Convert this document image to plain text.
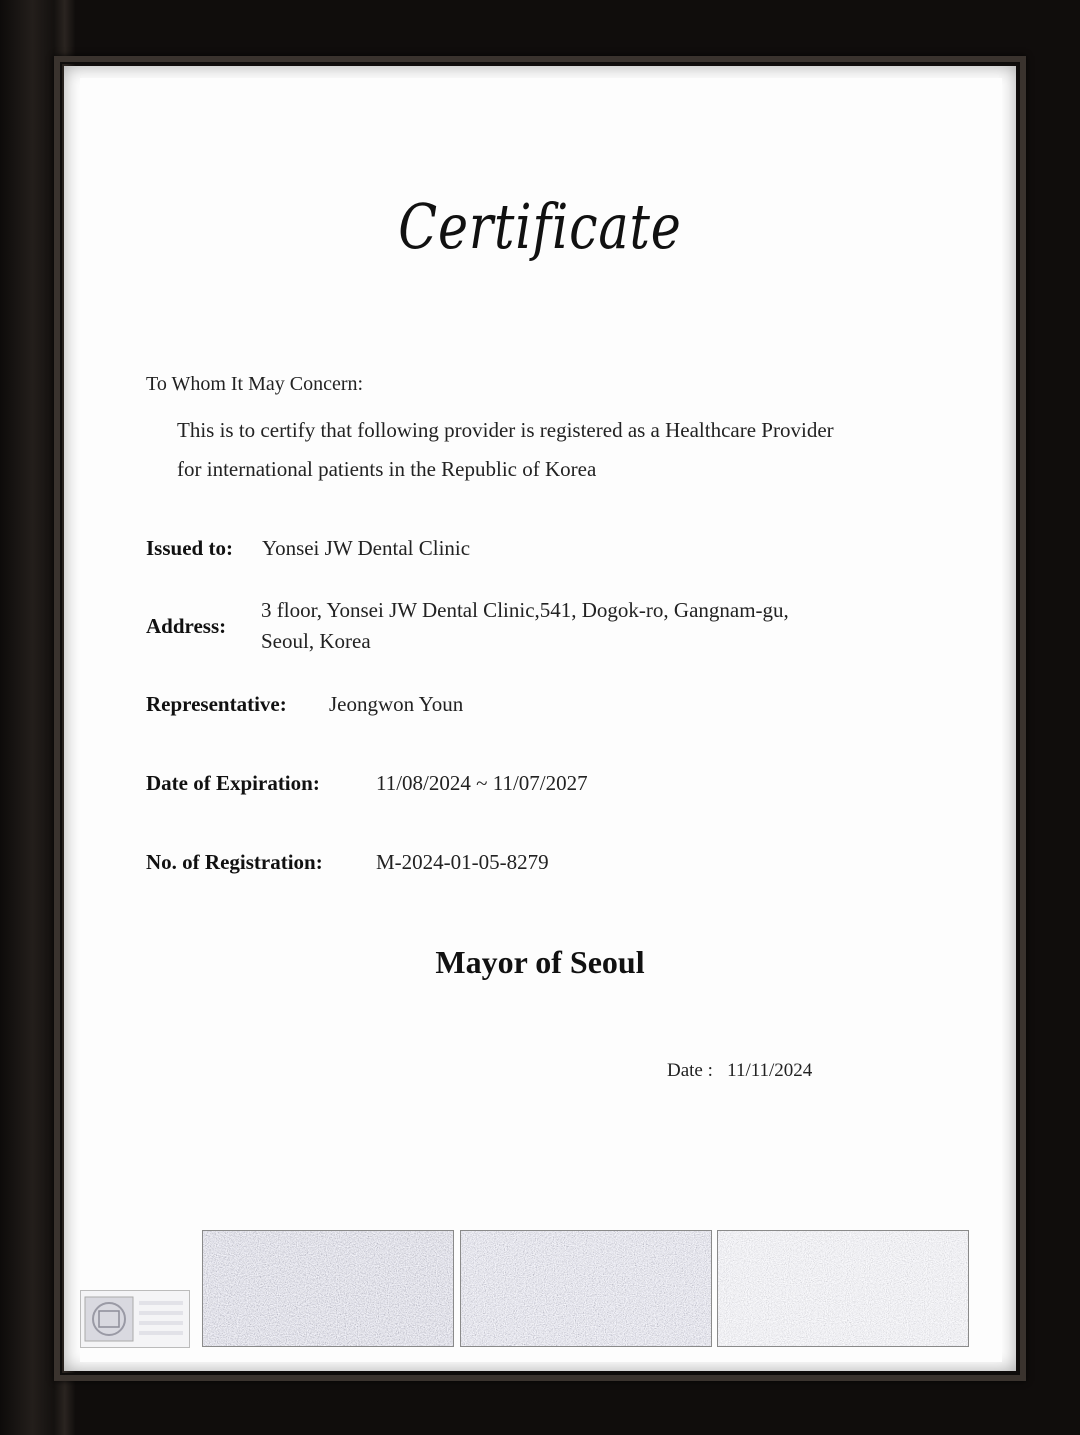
Certificate
To Whom It May Concern:
This is to certify that following provider is registered as a Healthcare Provider
for international patients in the Republic of Korea
Issued to: Yonsei JW Dental Clinic
Address:
3 floor, Yonsei JW Dental Clinic,541, Dogok-ro, Gangnam-gu,
Seoul, Korea
Representative: Jeongwon Youn
Date of Expiration:	11/08/2024 ~ 11/07/2027
No. of Registration:	M-2024-01-05-8279
Mayor of Seoul
Date : 11/11/2024
